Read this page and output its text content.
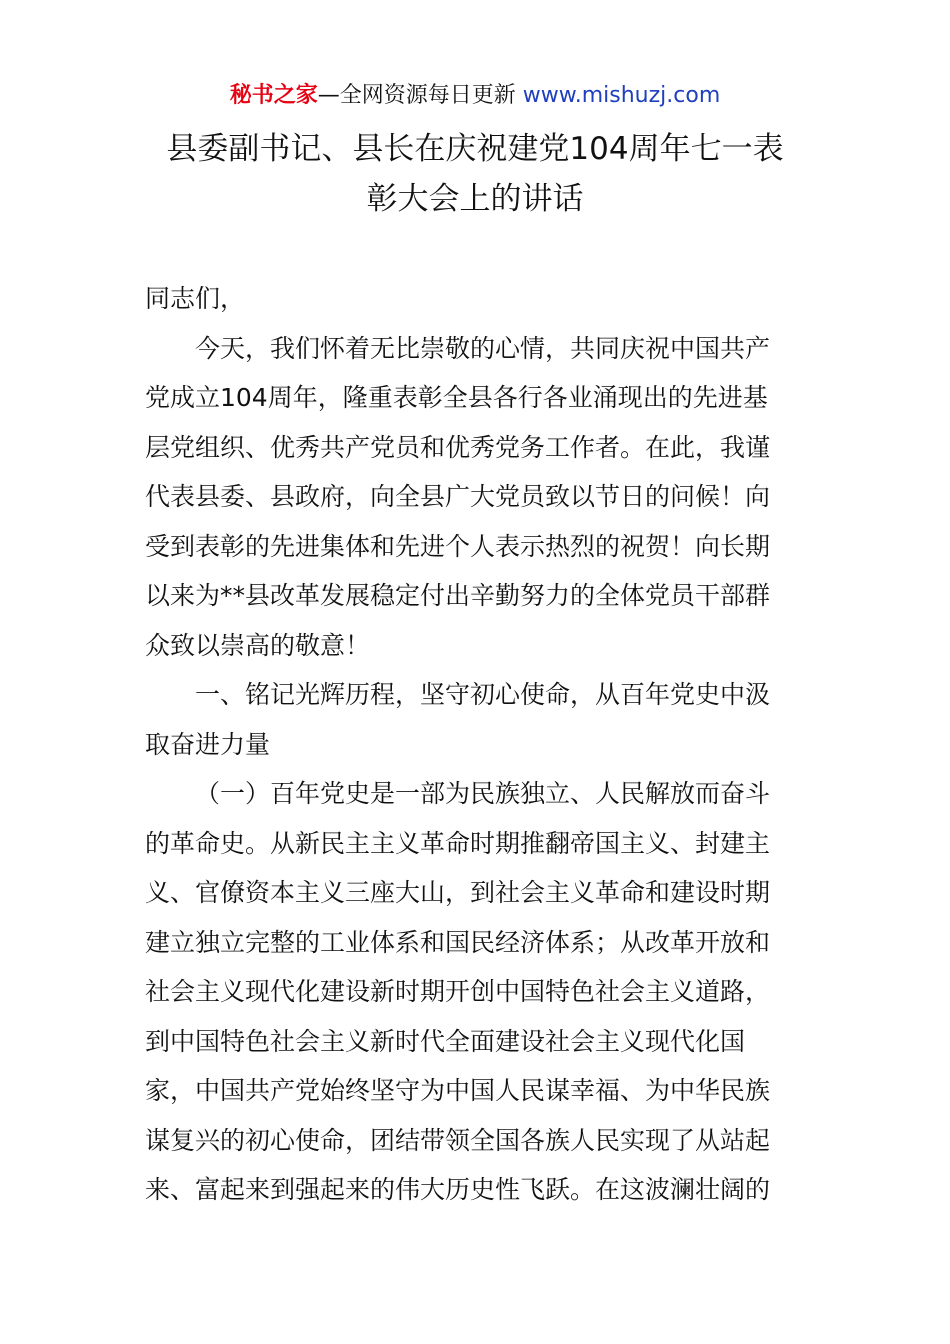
秘书之家—全网资源每日更新 www.mishuzj.com
县委副书记、县长在庆祝建党104周年七一表
彰大会上的讲话
同志们，
今天，我们怀着无比崇敬的心情，共同庆祝中国共产
党成立104周年，隆重表彰全县各行各业涌现出的先进基
层党组织、优秀共产党员和优秀党务工作者。在此，我谨
代表县委、县政府，向全县广大党员致以节日的问候！向
受到表彰的先进集体和先进个人表示热烈的祝贺！向长期
以来为**县改革发展稳定付出辛勤努力的全体党员干部群
众致以崇高的敬意！
一、铭记光辉历程，坚守初心使命，从百年党史中汲
取奋进力量
（一）百年党史是一部为民族独立、人民解放而奋斗
的革命史。从新民主主义革命时期推翻帝国主义、封建主
义、官僚资本主义三座大山，到社会主义革命和建设时期
建立独立完整的工业体系和国民经济体系；从改革开放和
社会主义现代化建设新时期开创中国特色社会主义道路，
到中国特色社会主义新时代全面建设社会主义现代化国
家，中国共产党始终坚守为中国人民谋幸福、为中华民族
谋复兴的初心使命，团结带领全国各族人民实现了从站起
来、富起来到强起来的伟大历史性飞跃。在这波澜壮阔的
